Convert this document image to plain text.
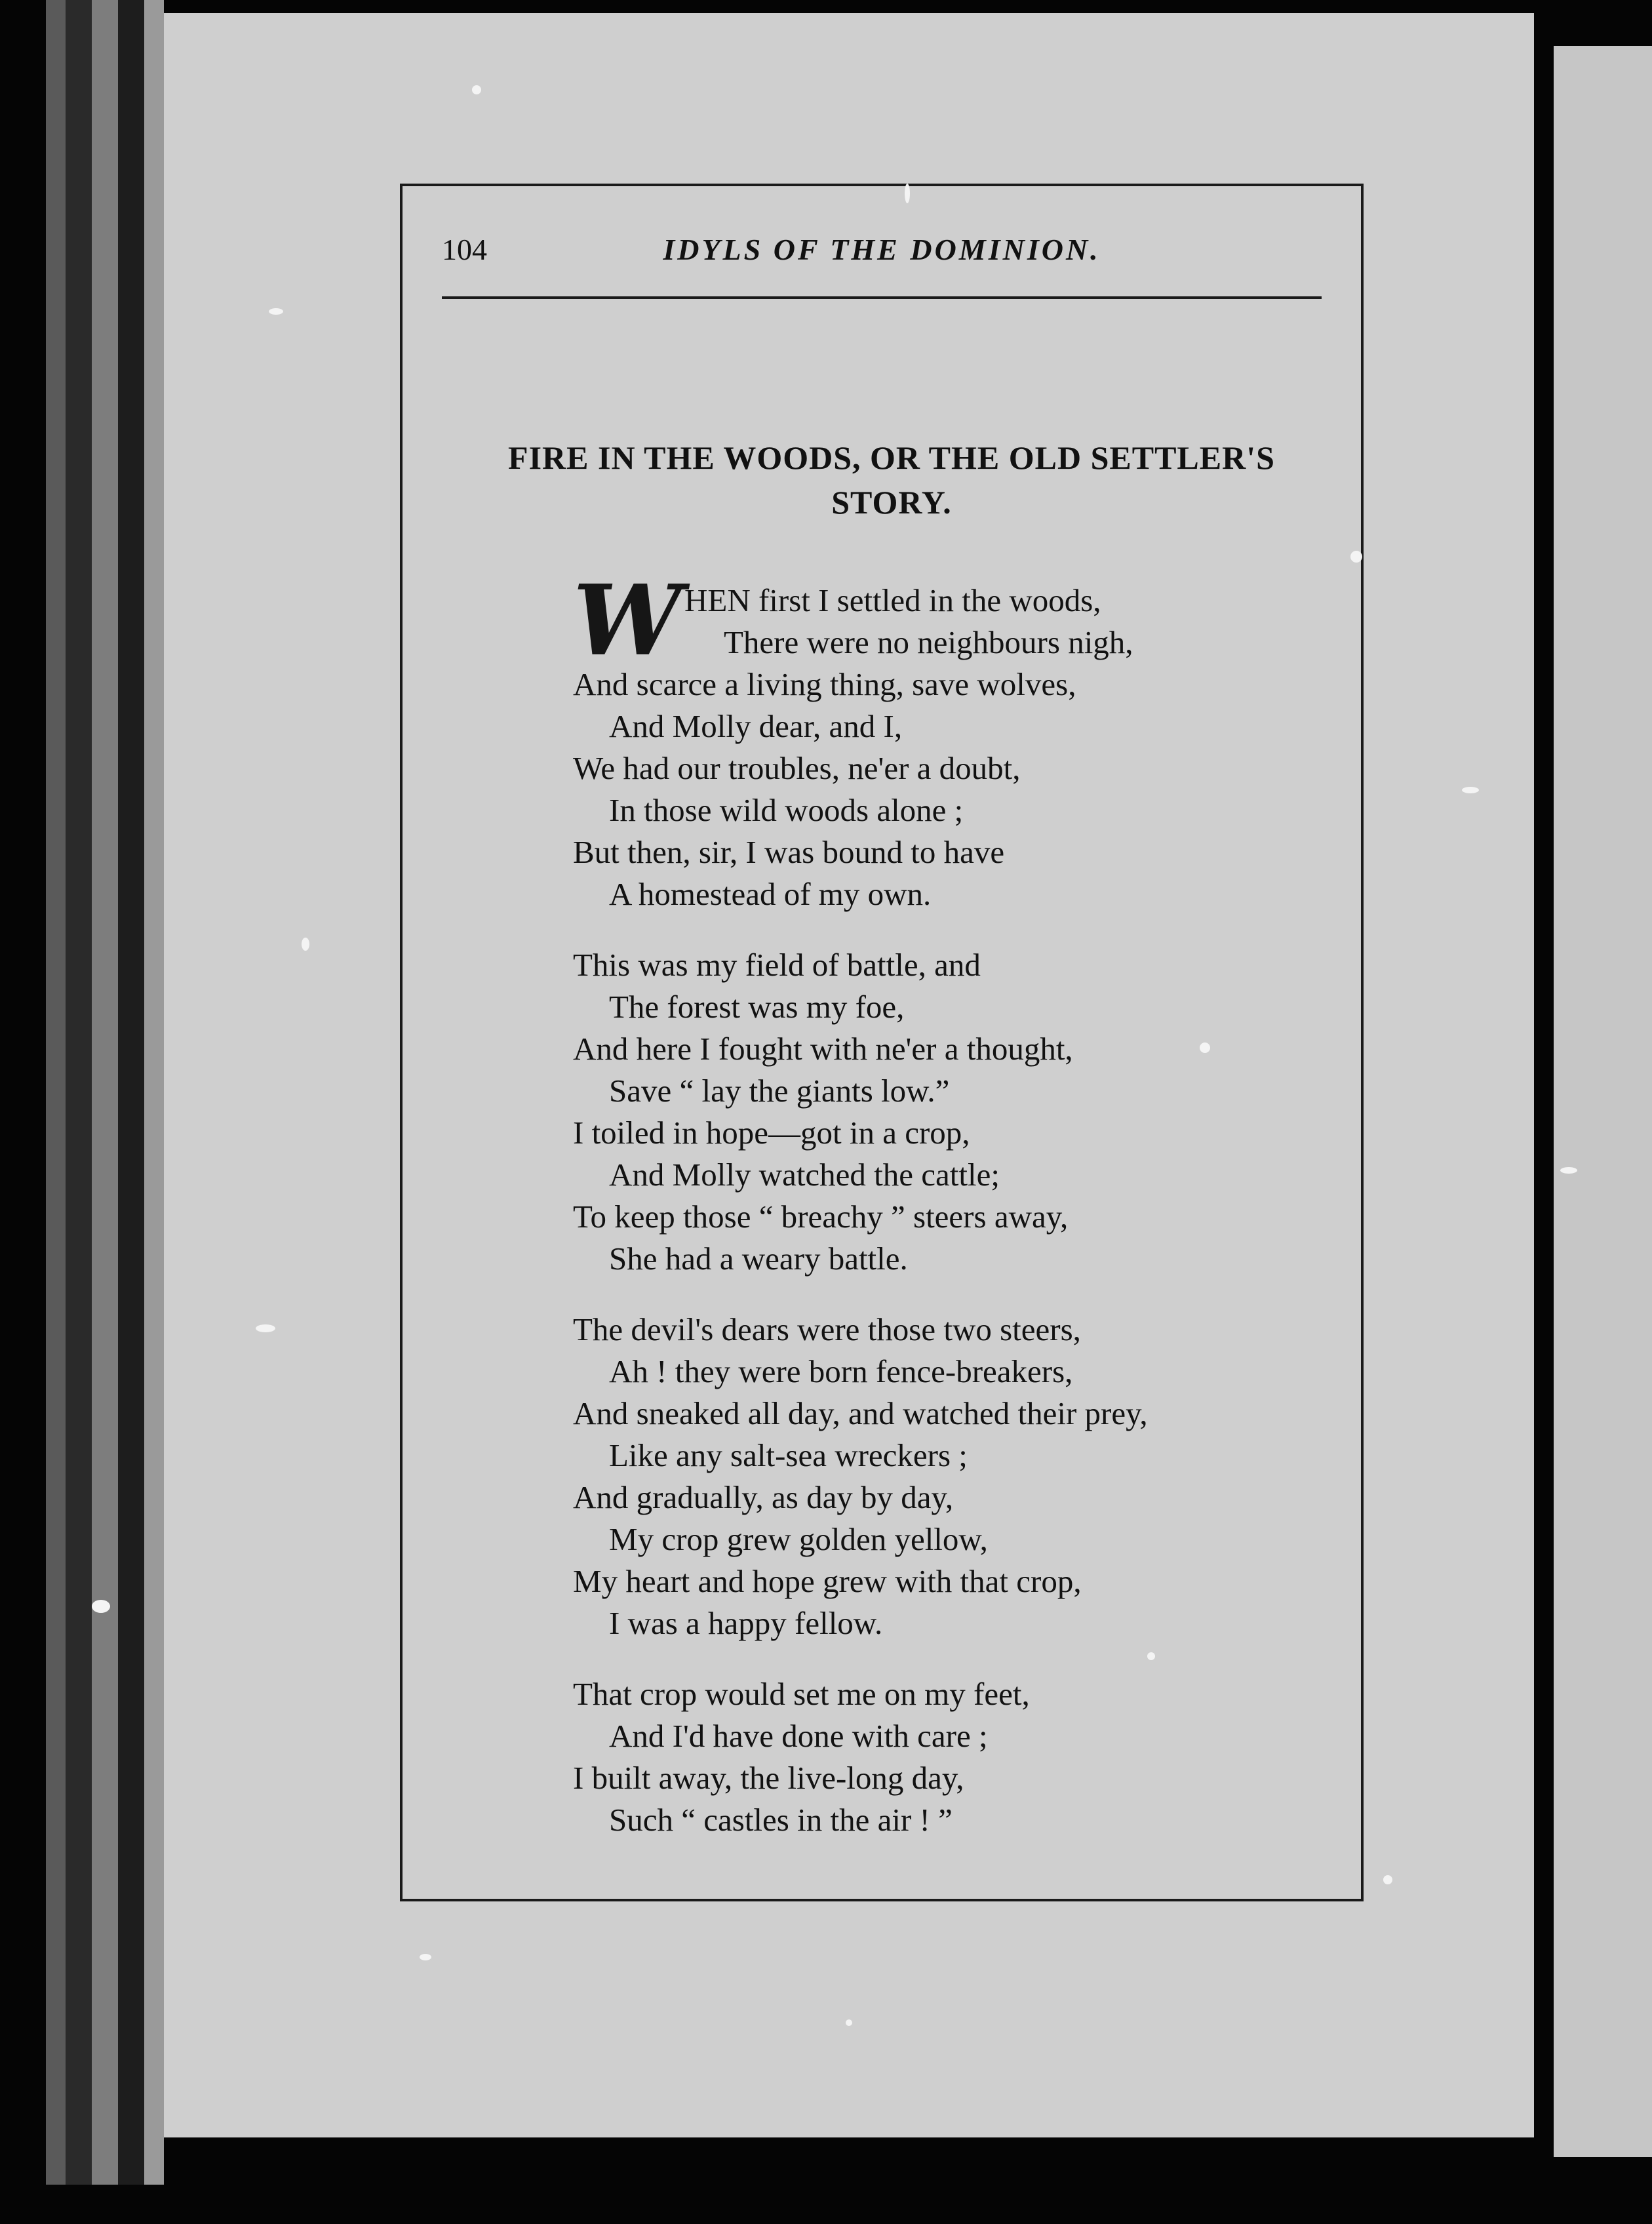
104	IDYLS OF THE DOMINION.
FIRE IN THE WOODS, OR THE OLD SETTLER'S STORY.
W HEN first I settled in the woods,
There were no neighbours nigh,
And scarce a living thing, save wolves,
And Molly dear, and I,
We had our troubles, ne'er a doubt,
In those wild woods alone ;
But then, sir, I was bound to have
A homestead of my own.
This was my field of battle, and
The forest was my foe,
And here I fought with ne'er a thought,
Save “ lay the giants low.”
I toiled in hope—got in a crop,
And Molly watched the cattle;
To keep those “ breachy ” steers away,
She had a weary battle.
The devil's dears were those two steers,
Ah ! they were born fence-breakers,
And sneaked all day, and watched their prey,
Like any salt-sea wreckers ;
And gradually, as day by day,
My crop grew golden yellow,
My heart and hope grew with that crop,
I was a happy fellow.
That crop would set me on my feet,
And I'd have done with care ;
I built away, the live-long day,
Such “ castles in the air ! ”
